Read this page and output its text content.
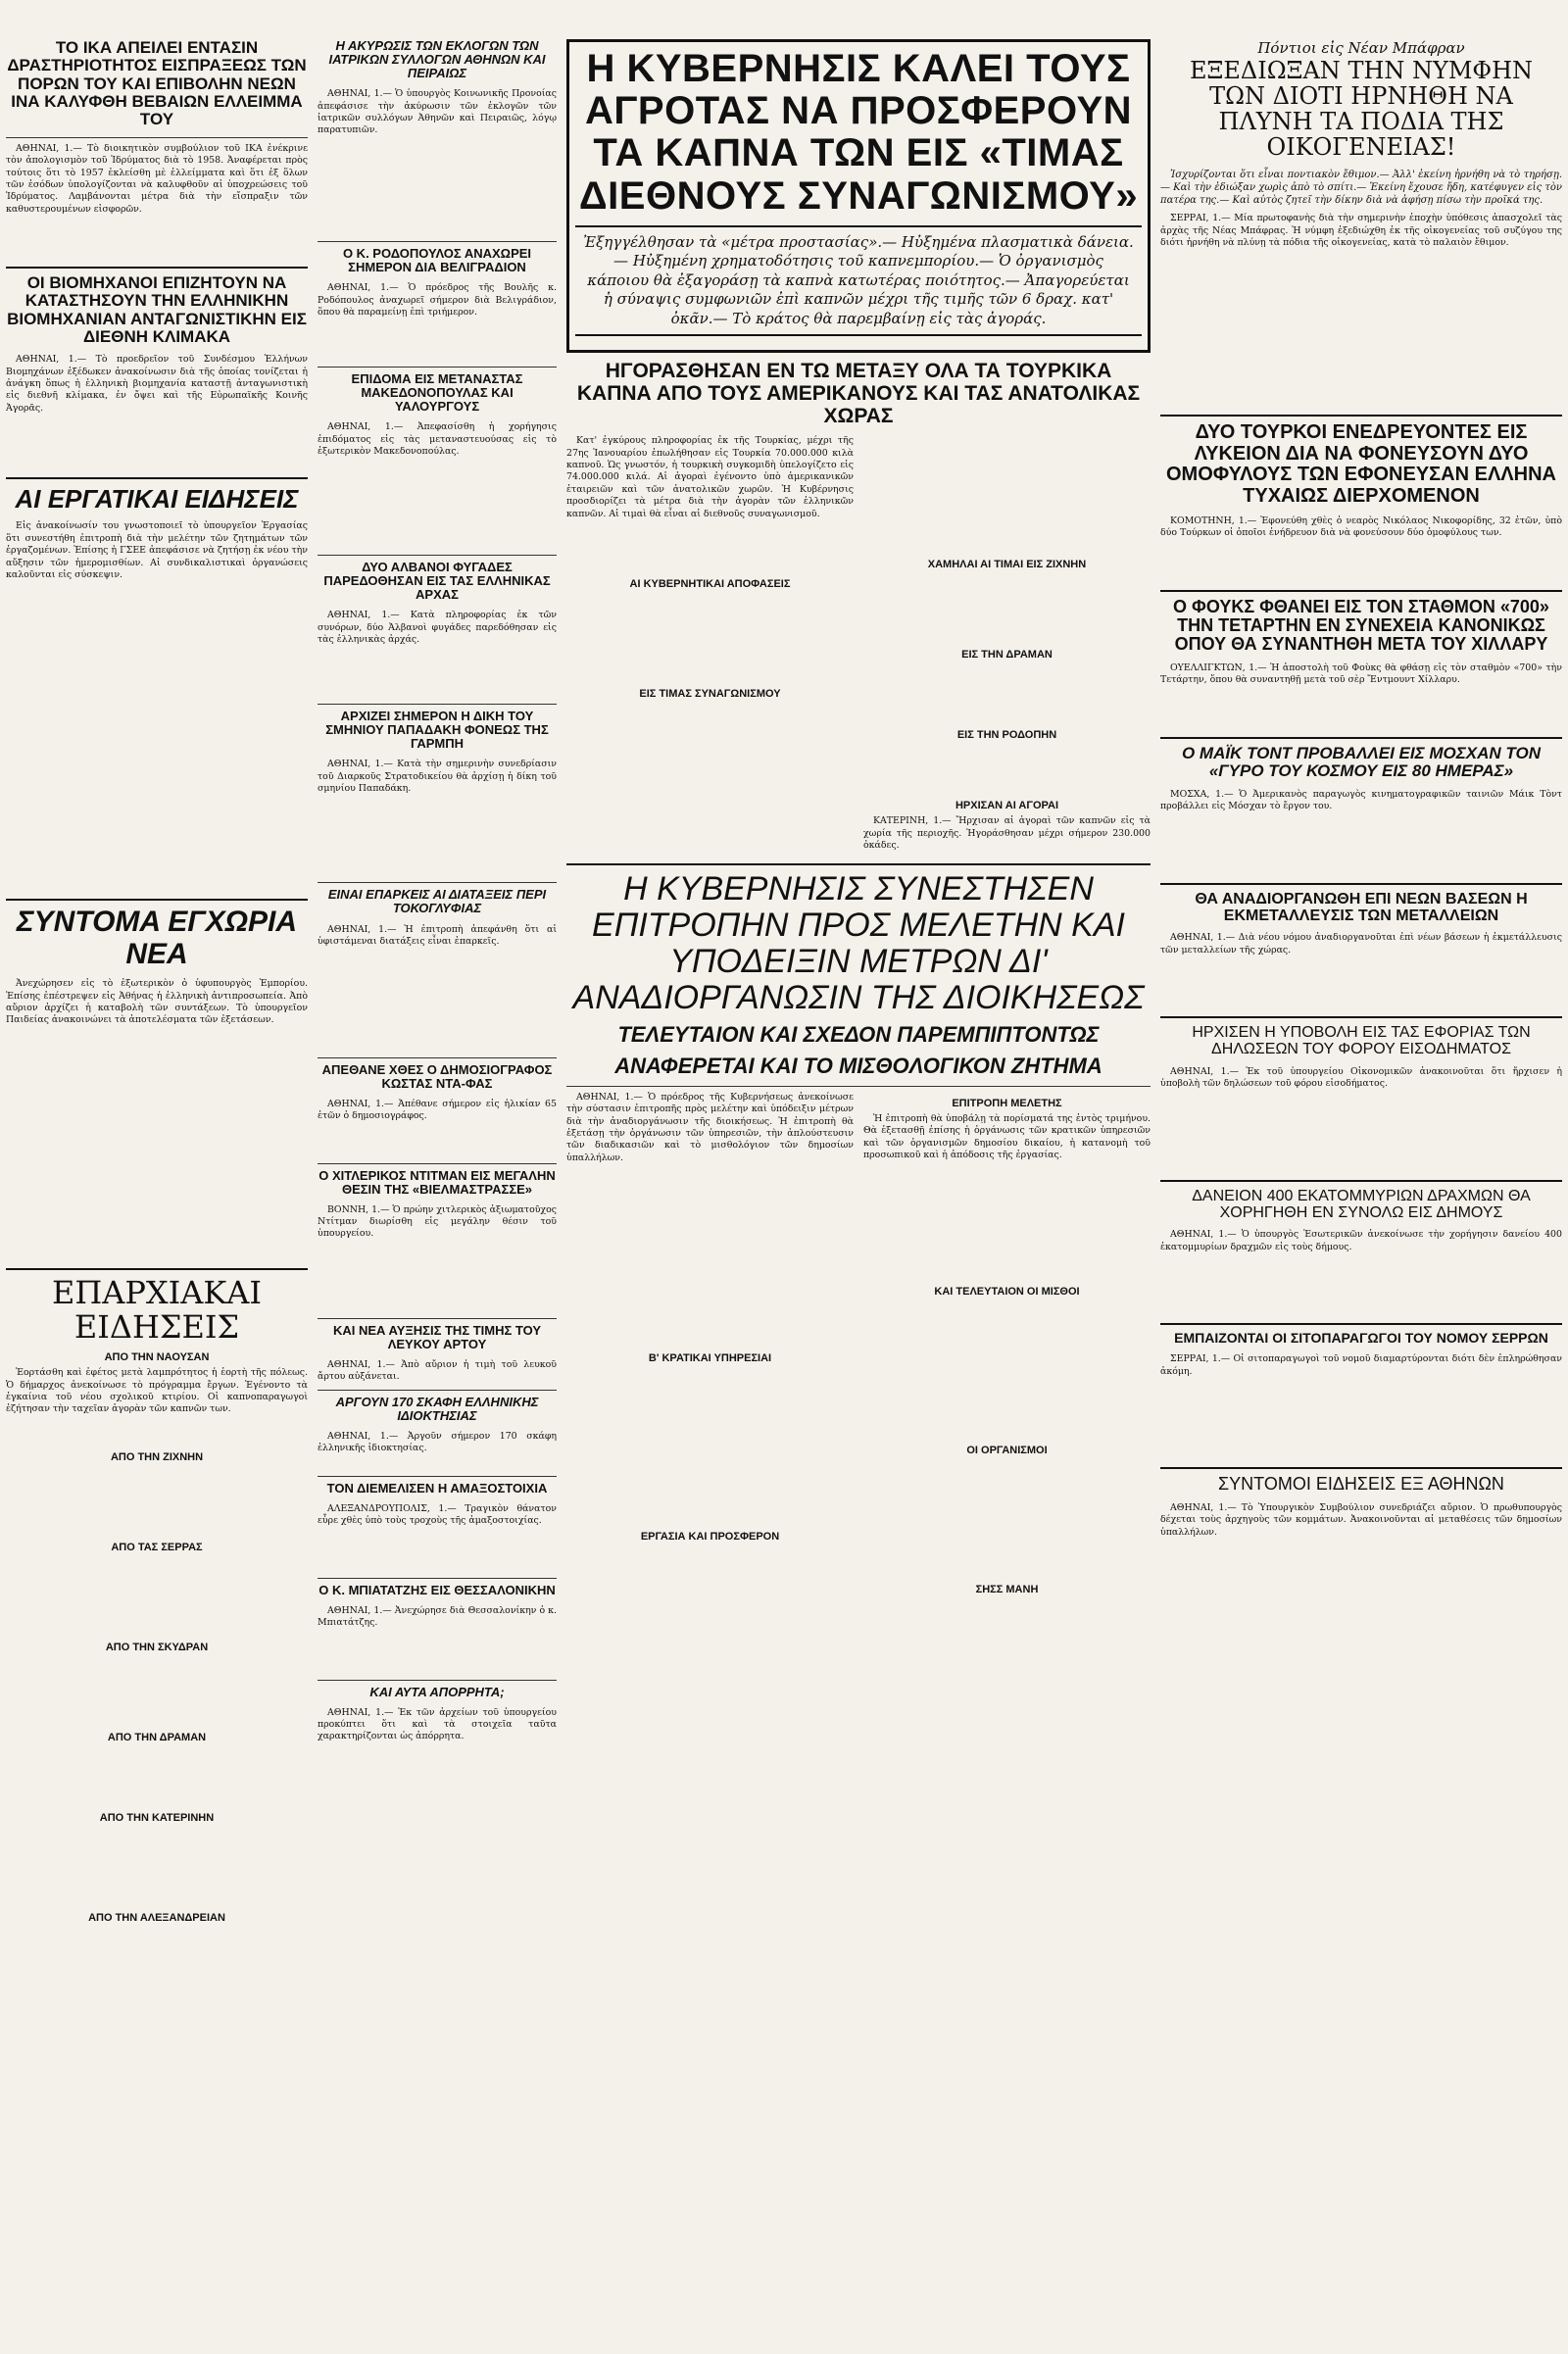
ΤΟ ΙΚΑ ΑΠΕΙΛΕΙ ΕΝΤΑΣΙΝ ΔΡΑΣΤΗΡΙΟΤΗΤΟΣ ΕΙΣΠΡΑΞΕΩΣ ΤΩΝ ΠΟΡΩΝ ΤΟΥ ΚΑΙ ΕΠΙΒΟΛΗΝ ΝΕΩΝ ΙΝΑ ΚΑΛΥΦΘΗ ΒΕΒΑΙΩΝ ΕΛΛΕΙΜΜΑ ΤΟΥ

ΑΘΗΝΑΙ, 1.— Τὸ διοικητικὸν συμβούλιον τοῦ ΙΚΑ ἐνέκρινε τὸν ἀπολογισμὸν τοῦ Ἱδρύματος διὰ τὸ 1958. Ἀναφέρεται πρὸς τούτοις ὅτι τὸ 1957 ἐκλείσθη μὲ ἐλλείμματα καὶ ὅτι ἐξ ὅλων τῶν ἐσόδων ὑπολογίζονται νὰ καλυφθοῦν αἱ ὑποχρεώσεις τοῦ Ἱδρύματος. Λαμβάνονται μέτρα διὰ τὴν εἴσπραξιν τῶν καθυστερουμένων εἰσφορῶν.

ΟΙ ΒΙΟΜΗΧΑΝΟΙ ΕΠΙΖΗΤΟΥΝ ΝΑ ΚΑΤΑΣΤΗΣΟΥΝ ΤΗΝ ΕΛΛΗΝΙΚΗΝ ΒΙΟΜΗΧΑΝΙΑΝ ΑΝΤΑΓΩΝΙΣΤΙΚΗΝ ΕΙΣ ΔΙΕΘΝΗ ΚΛΙΜΑΚΑ

ΑΘΗΝΑΙ, 1.— Τὸ προεδρεῖον τοῦ Συνδέσμου Ἑλλήνων Βιομηχάνων ἐξέδωκεν ἀνακοίνωσιν διὰ τῆς ὁποίας τονίζεται ἡ ἀνάγκη ὅπως ἡ ἑλληνικὴ βιομηχανία καταστῇ ἀνταγωνιστικὴ εἰς διεθνῆ κλίμακα, ἐν ὄψει καὶ τῆς Εὐρωπαϊκῆς Κοινῆς Ἀγορᾶς.

ΑΙ ΕΡΓΑΤΙΚΑΙ ΕΙΔΗΣΕΙΣ

Εἰς ἀνακοίνωσίν του γνωστοποιεῖ τὸ ὑπουργεῖον Ἐργασίας ὅτι συνεστήθη ἐπιτροπὴ διὰ τὴν μελέτην τῶν ζητημάτων τῶν ἐργαζομένων. Ἐπίσης ἡ ΓΣΕΕ ἀπεφάσισε νὰ ζητήσῃ ἐκ νέου τὴν αὔξησιν τῶν ἡμερομισθίων. Αἱ συνδικαλιστικαὶ ὀργανώσεις καλοῦνται εἰς σύσκεψιν.

ΣΥΝΤΟΜΑ ΕΓΧΩΡΙΑ ΝΕΑ

Ἀνεχώρησεν εἰς τὸ ἐξωτερικὸν ὁ ὑφυπουργὸς Ἐμπορίου. Ἐπίσης ἐπέστρεψεν εἰς Ἀθήνας ἡ ἑλληνικὴ ἀντιπροσωπεία. Ἀπὸ αὔριον ἀρχίζει ἡ καταβολὴ τῶν συντάξεων. Τὸ ὑπουργεῖον Παιδείας ἀνακοινώνει τὰ ἀποτελέσματα τῶν ἐξετάσεων.

ΕΠΑΡΧΙΑΚΑΙ ΕΙΔΗΣΕΙΣ
ΑΠΟ ΤΗΝ ΝΑΟΥΣΑΝ

Ἐορτάσθη καὶ ἐφέτος μετὰ λαμπρότητος ἡ ἑορτὴ τῆς πόλεως. Ὁ δήμαρχος ἀνεκοίνωσε τὸ πρόγραμμα ἔργων. Ἐγένοντο τὰ ἐγκαίνια τοῦ νέου σχολικοῦ κτιρίου. Οἱ καπνοπαραγωγοὶ ἐζήτησαν τὴν ταχεῖαν ἀγορὰν τῶν καπνῶν των.

ΑΠΟ ΤΗΝ ΖΙΧΝΗΝ
ΑΠΟ ΤΑΣ ΣΕΡΡΑΣ
ΑΠΟ ΤΗΝ ΣΚΥΔΡΑΝ
ΑΠΟ ΤΗΝ ΔΡΑΜΑΝ
ΑΠΟ ΤΗΝ ΚΑΤΕΡΙΝΗΝ
ΑΠΟ ΤΗΝ ΑΛΕΞΑΝΔΡΕΙΑΝ
Η ΑΚΥΡΩΣΙΣ ΤΩΝ ΕΚΛΟΓΩΝ ΤΩΝ ΙΑΤΡΙΚΩΝ ΣΥΛΛΟΓΩΝ ΑΘΗΝΩΝ ΚΑΙ ΠΕΙΡΑΙΩΣ

ΑΘΗΝΑΙ, 1.— Ὁ ὑπουργὸς Κοινωνικῆς Προνοίας ἀπεφάσισε τὴν ἀκύρωσιν τῶν ἐκλογῶν τῶν ἰατρικῶν συλλόγων Ἀθηνῶν καὶ Πειραιῶς, λόγῳ παρατυπιῶν.

Ο Κ. ΡΟΔΟΠΟΥΛΟΣ ΑΝΑΧΩΡΕΙ ΣΗΜΕΡΟΝ ΔΙΑ ΒΕΛΙΓΡΑΔΙΟΝ

ΑΘΗΝΑΙ, 1.— Ὁ πρόεδρος τῆς Βουλῆς κ. Ροδόπουλος ἀναχωρεῖ σήμερον διὰ Βελιγράδιον, ὅπου θὰ παραμείνῃ ἐπὶ τριήμερον.

ΕΠΙΔΟΜΑ ΕΙΣ ΜΕΤΑΝΑΣΤΑΣ ΜΑΚΕΔΟΝΟΠΟΥΛΑΣ ΚΑΙ ΥΑΛΟΥΡΓΟΥΣ

ΑΘΗΝΑΙ, 1.— Ἀπεφασίσθη ἡ χορήγησις ἐπιδόματος εἰς τὰς μεταναστευούσας εἰς τὸ ἐξωτερικὸν Μακεδονοπούλας.

ΔΥΟ ΑΛΒΑΝΟΙ ΦΥΓΑΔΕΣ ΠΑΡΕΔΟΘΗΣΑΝ ΕΙΣ ΤΑΣ ΕΛΛΗΝΙΚΑΣ ΑΡΧΑΣ

ΑΘΗΝΑΙ, 1.— Κατὰ πληροφορίας ἐκ τῶν συνόρων, δύο Ἀλβανοὶ φυγάδες παρεδόθησαν εἰς τὰς ἑλληνικὰς ἀρχάς.

ΑΡΧΙΖΕΙ ΣΗΜΕΡΟΝ Η ΔΙΚΗ ΤΟΥ ΣΜΗΝΙΟΥ ΠΑΠΑΔΑΚΗ ΦΟΝΕΩΣ ΤΗΣ ΓΑΡΜΠΗ

ΑΘΗΝΑΙ, 1.— Κατὰ τὴν σημερινὴν συνεδρίασιν τοῦ Διαρκοῦς Στρατοδικείου θὰ ἀρχίσῃ ἡ δίκη τοῦ σμηνίου Παπαδάκη.

ΕΙΝΑΙ ΕΠΑΡΚΕΙΣ ΑΙ ΔΙΑΤΑΞΕΙΣ ΠΕΡΙ ΤΟΚΟΓΛΥΦΙΑΣ

ΑΘΗΝΑΙ, 1.— Ἡ ἐπιτροπὴ ἀπεφάνθη ὅτι αἱ ὑφιστάμεναι διατάξεις εἶναι ἐπαρκεῖς.

ΑΠΕΘΑΝΕ ΧΘΕΣ Ο ΔΗΜΟΣΙΟΓΡΑΦΟΣ ΚΩΣΤΑΣ ΝΤΑ-ΦΑΣ

ΑΘΗΝΑΙ, 1.— Ἀπέθανε σήμερον εἰς ἡλικίαν 65 ἐτῶν ὁ δημοσιογράφος.

Ο ΧΙΤΛΕΡΙΚΟΣ ΝΤΙΤΜΑΝ ΕΙΣ ΜΕΓΑΛΗΝ ΘΕΣΙΝ ΤΗΣ «ΒΙΕΛΜΑΣΤΡΑΣΣΕ»

ΒΟΝΝΗ, 1.— Ὁ πρώην χιτλερικὸς ἀξιωματοῦχος Ντίτμαν διωρίσθη εἰς μεγάλην θέσιν τοῦ ὑπουργείου.

ΚΑΙ ΝΕΑ ΑΥΞΗΣΙΣ ΤΗΣ ΤΙΜΗΣ ΤΟΥ ΛΕΥΚΟΥ ΑΡΤΟΥ

ΑΘΗΝΑΙ, 1.— Ἀπὸ αὔριον ἡ τιμὴ τοῦ λευκοῦ ἄρτου αὐξάνεται.

ΑΡΓΟΥΝ 170 ΣΚΑΦΗ ΕΛΛΗΝΙΚΗΣ ΙΔΙΟΚΤΗΣΙΑΣ

ΑΘΗΝΑΙ, 1.— Ἀργοῦν σήμερον 170 σκάφη ἑλληνικῆς ἰδιοκτησίας.

ΤΟΝ ΔΙΕΜΕΛΙΣΕΝ Η ΑΜΑΞΟΣΤΟΙΧΙΑ

ΑΛΕΞΑΝΔΡΟΥΠΟΛΙΣ, 1.— Τραγικὸν θάνατον εὗρε χθὲς ὑπὸ τοὺς τροχοὺς τῆς ἀμαξοστοιχίας.

Ο Κ. ΜΠΙΑΤΑΤΖΗΣ ΕΙΣ ΘΕΣΣΑΛΟΝΙΚΗΝ

ΑΘΗΝΑΙ, 1.— Ἀνεχώρησε διὰ Θεσσαλονίκην ὁ κ. Μπιατάτζης.

ΚΑΙ ΑΥΤΑ ΑΠΟΡΡΗΤΑ;

ΑΘΗΝΑΙ, 1.— Ἐκ τῶν ἀρχείων τοῦ ὑπουργείου προκύπτει ὅτι καὶ τὰ στοιχεῖα ταῦτα χαρακτηρίζονται ὡς ἀπόρρητα.

Η ΚΥΒΕΡΝΗΣΙΣ ΚΑΛΕΙ ΤΟΥΣ ΑΓΡΟΤΑΣ ΝΑ ΠΡΟΣΦΕΡΟΥΝ ΤΑ ΚΑΠΝΑ ΤΩΝ ΕΙΣ «ΤΙΜΑΣ ΔΙΕΘΝΟΥΣ ΣΥΝΑΓΩΝΙΣΜΟΥ»
Ἐξηγγέλθησαν τὰ «μέτρα προστασίας».— Ηὐξημένα πλασματικὰ δάνεια.— Ηὐξημένη χρηματοδότησις τοῦ καπνεμπορίου.— Ὁ ὀργανισμὸς κάποιου θὰ ἐξαγοράσῃ τὰ καπνὰ κατωτέρας ποιότητος.— Ἀπαγορεύεται ἡ σύναψις συμφωνιῶν ἐπὶ καπνῶν μέχρι τῆς τιμῆς τῶν 6 δραχ. κατ' ὀκᾶν.— Τὸ κράτος θὰ παρεμβαίνῃ εἰς τὰς ἀγοράς.
ΗΓΟΡΑΣΘΗΣΑΝ ΕΝ ΤΩ ΜΕΤΑΞΥ ΟΛΑ ΤΑ ΤΟΥΡΚΙΚΑ ΚΑΠΝΑ ΑΠΟ ΤΟΥΣ ΑΜΕΡΙΚΑΝΟΥΣ ΚΑΙ ΤΑΣ ΑΝΑΤΟΛΙΚΑΣ ΧΩΡΑΣ

Κατ' ἐγκύρους πληροφορίας ἐκ τῆς Τουρκίας, μέχρι τῆς 27ης Ἰανουαρίου ἐπωλήθησαν εἰς Τουρκία 70.000.000 κιλὰ καπνοῦ. Ὡς γνωστόν, ἡ τουρκικὴ συγκομιδὴ ὑπελογίζετο εἰς 74.000.000 κιλά. Αἱ ἀγοραὶ ἐγένοντο ὑπὸ ἀμερικανικῶν ἑταιρειῶν καὶ τῶν ἀνατολικῶν χωρῶν. Ἡ Κυβέρνησις προσδιορίζει τὰ μέτρα διὰ τὴν ἀγορὰν τῶν ἑλληνικῶν καπνῶν. Αἱ τιμαὶ θὰ εἶναι αἱ διεθνοῦς συναγωνισμοῦ.

ΑΙ ΚΥΒΕΡΝΗΤΙΚΑΙ ΑΠΟΦΑΣΕΙΣ
ΕΙΣ ΤΙΜΑΣ ΣΥΝΑΓΩΝΙΣΜΟΥ
ΧΑΜΗΛΑΙ ΑΙ ΤΙΜΑΙ ΕΙΣ ΖΙΧΝΗΝ
ΕΙΣ ΤΗΝ ΔΡΑΜΑΝ
ΕΙΣ ΤΗΝ ΡΟΔΟΠΗΝ
ΗΡΧΙΣΑΝ ΑΙ ΑΓΟΡΑΙ

ΚΑΤΕΡΙΝΗ, 1.— Ἤρχισαν αἱ ἀγοραὶ τῶν καπνῶν εἰς τὰ χωρία τῆς περιοχῆς. Ἠγοράσθησαν μέχρι σήμερον 230.000 ὀκάδες.

Η ΚΥΒΕΡΝΗΣΙΣ ΣΥΝΕΣΤΗΣΕΝ ΕΠΙΤΡΟΠΗΝ ΠΡΟΣ ΜΕΛΕΤΗΝ ΚΑΙ ΥΠΟΔΕΙΞΙΝ ΜΕΤΡΩΝ ΔΙ' ΑΝΑΔΙΟΡΓΑΝΩΣΙΝ ΤΗΣ ΔΙΟΙΚΗΣΕΩΣ
ΤΕΛΕΥΤΑΙΟΝ ΚΑΙ ΣΧΕΔΟΝ ΠΑΡΕΜΠΙΠΤΟΝΤΩΣ
ΑΝΑΦΕΡΕΤΑΙ ΚΑΙ ΤΟ ΜΙΣΘΟΛΟΓΙΚΟΝ ΖΗΤΗΜΑ

ΑΘΗΝΑΙ, 1.— Ὁ πρόεδρος τῆς Κυβερνήσεως ἀνεκοίνωσε τὴν σύστασιν ἐπιτροπῆς πρὸς μελέτην καὶ ὑπόδειξιν μέτρων διὰ τὴν ἀναδιοργάνωσιν τῆς διοικήσεως. Ἡ ἐπιτροπὴ θὰ ἐξετάσῃ τὴν ὀργάνωσιν τῶν ὑπηρεσιῶν, τὴν ἀπλούστευσιν τῶν διαδικασιῶν καὶ τὸ μισθολόγιον τῶν δημοσίων ὑπαλλήλων.

Β' ΚΡΑΤΙΚΑΙ ΥΠΗΡΕΣΙΑΙ
ΕΡΓΑΣΙΑ ΚΑΙ ΠΡΟΣΦΕΡΟΝ
ΕΠΙΤΡΟΠΗ ΜΕΛΕΤΗΣ

Ἡ ἐπιτροπὴ θὰ ὑποβάλῃ τὰ πορίσματά της ἐντὸς τριμήνου. Θὰ ἐξετασθῇ ἐπίσης ἡ ὀργάνωσις τῶν κρατικῶν ὑπηρεσιῶν καὶ τῶν ὀργανισμῶν δημοσίου δικαίου, ἡ κατανομὴ τοῦ προσωπικοῦ καὶ ἡ ἀπόδοσις τῆς ἐργασίας.

ΚΑΙ ΤΕΛΕΥΤΑΙΟΝ ΟΙ ΜΙΣΘΟΙ
ΟΙ ΟΡΓΑΝΙΣΜΟΙ
ΣΗΣΣ ΜΑΝΗ
Πόντιοι εἰς Νέαν Μπάφραν
ΕΞΕΔΙΩΞΑΝ ΤΗΝ ΝΥΜΦΗΝ ΤΩΝ ΔΙΟΤΙ ΗΡΝΗΘΗ ΝΑ ΠΛΥΝΗ ΤΑ ΠΟΔΙΑ ΤΗΣ ΟΙΚΟΓΕΝΕΙΑΣ!

Ἰσχυρίζονται ὅτι εἶναι ποντιακὸν ἔθιμον.— Ἀλλ' ἐκείνη ἠρνήθη νὰ τὸ τηρήσῃ.— Καὶ τὴν ἐδιώξαν χωρὶς ἀπὸ τὸ σπίτι.— Ἐκείνη ἔχουσε ἤδη, κατέφυγεν εἰς τὸν πατέρα της.— Καὶ αὐτὸς ζητεῖ τὴν δίκην διὰ νὰ ἀφήσῃ πίσω τὴν προῖκά της.

ΣΕΡΡΑΙ, 1.— Μία πρωτοφανὴς διὰ τὴν σημερινὴν ἐποχὴν ὑπόθεσις ἀπασχολεῖ τὰς ἀρχὰς τῆς Νέας Μπάφρας. Ἡ νύμφη ἐξεδιώχθη ἐκ τῆς οἰκογενείας τοῦ συζύγου της διότι ἠρνήθη νὰ πλύνῃ τὰ πόδια τῆς οἰκογενείας, κατὰ τὸ παλαιὸν ἔθιμον.

ΔΥΟ ΤΟΥΡΚΟΙ ΕΝΕΔΡΕΥΟΝΤΕΣ ΕΙΣ ΛΥΚΕΙΟΝ ΔΙΑ ΝΑ ΦΟΝΕΥΣΟΥΝ ΔΥΟ ΟΜΟΦΥΛΟΥΣ ΤΩΝ ΕΦΟΝΕΥΣΑΝ ΕΛΛΗΝΑ ΤΥΧΑΙΩΣ ΔΙΕΡΧΟΜΕΝΟΝ

ΚΟΜΟΤΗΝΗ, 1.— Ἐφονεύθη χθὲς ὁ νεαρὸς Νικόλαος Νικοφορίδης, 32 ἐτῶν, ὑπὸ δύο Τούρκων οἱ ὁποῖοι ἐνήδρευον διὰ νὰ φονεύσουν δύο ὁμοφύλους των.

Ο ΦΟΥΚΣ ΦΘΑΝΕΙ ΕΙΣ ΤΟΝ ΣΤΑΘΜΟΝ «700» ΤΗΝ ΤΕΤΑΡΤΗΝ ΕΝ ΣΥΝΕΧΕΙΑ ΚΑΝΟΝΙΚΩΣ ΟΠΟΥ ΘΑ ΣΥΝΑΝΤΗΘΗ ΜΕΤΑ ΤΟΥ ΧΙΛΛΑΡΥ

ΟΥΕΛΛΙΓΚΤΩΝ, 1.— Ἡ ἀποστολὴ τοῦ Φοὺκς θὰ φθάσῃ εἰς τὸν σταθμὸν «700» τὴν Τετάρτην, ὅπου θὰ συναντηθῇ μετὰ τοῦ σὲρ Ἔντμουντ Χίλλαρυ.

Ο ΜΑΪΚ ΤΟΝΤ ΠΡΟΒΑΛΛΕΙ ΕΙΣ ΜΟΣΧΑΝ ΤΟΝ «ΓΥΡΟ ΤΟΥ ΚΟΣΜΟΥ ΕΙΣ 80 ΗΜΕΡΑΣ»

ΜΟΣΧΑ, 1.— Ὁ Ἀμερικανὸς παραγωγὸς κινηματογραφικῶν ταινιῶν Μάικ Τὸντ προβάλλει εἰς Μόσχαν τὸ ἔργον του.

ΘΑ ΑΝΑΔΙΟΡΓΑΝΩΘΗ ΕΠΙ ΝΕΩΝ ΒΑΣΕΩΝ Η ΕΚΜΕΤΑΛΛΕΥΣΙΣ ΤΩΝ ΜΕΤΑΛΛΕΙΩΝ

ΑΘΗΝΑΙ, 1.— Διὰ νέου νόμου ἀναδιοργανοῦται ἐπὶ νέων βάσεων ἡ ἐκμετάλλευσις τῶν μεταλλείων τῆς χώρας.

ΗΡΧΙΣΕΝ Η ΥΠΟΒΟΛΗ ΕΙΣ ΤΑΣ ΕΦΟΡΙΑΣ ΤΩΝ ΔΗΛΩΣΕΩΝ ΤΟΥ ΦΟΡΟΥ ΕΙΣΟΔΗΜΑΤΟΣ

ΑΘΗΝΑΙ, 1.— Ἐκ τοῦ ὑπουργείου Οἰκονομικῶν ἀνακοινοῦται ὅτι ἤρχισεν ἡ ὑποβολὴ τῶν δηλώσεων τοῦ φόρου εἰσοδήματος.

ΔΑΝΕΙΟΝ 400 ΕΚΑΤΟΜΜΥΡΙΩΝ ΔΡΑΧΜΩΝ ΘΑ ΧΟΡΗΓΗΘΗ ΕΝ ΣΥΝΟΛΩ ΕΙΣ ΔΗΜΟΥΣ

ΑΘΗΝΑΙ, 1.— Ὁ ὑπουργὸς Ἐσωτερικῶν ἀνεκοίνωσε τὴν χορήγησιν δανείου 400 ἑκατομμυρίων δραχμῶν εἰς τοὺς δήμους.

ΕΜΠΑΙΖΟΝΤΑΙ ΟΙ ΣΙΤΟΠΑΡΑΓΩΓΟΙ ΤΟΥ ΝΟΜΟΥ ΣΕΡΡΩΝ

ΣΕΡΡΑΙ, 1.— Οἱ σιτοπαραγωγοὶ τοῦ νομοῦ διαμαρτύρονται διότι δὲν ἐπληρώθησαν ἀκόμη.

ΣΥΝΤΟΜΟΙ ΕΙΔΗΣΕΙΣ ΕΞ ΑΘΗΝΩΝ

ΑΘΗΝΑΙ, 1.— Τὸ Ὑπουργικὸν Συμβούλιον συνεδριάζει αὔριον. Ὁ πρωθυπουργὸς δέχεται τοὺς ἀρχηγοὺς τῶν κομμάτων. Ἀνακοινοῦνται αἱ μεταθέσεις τῶν δημοσίων ὑπαλλήλων.
